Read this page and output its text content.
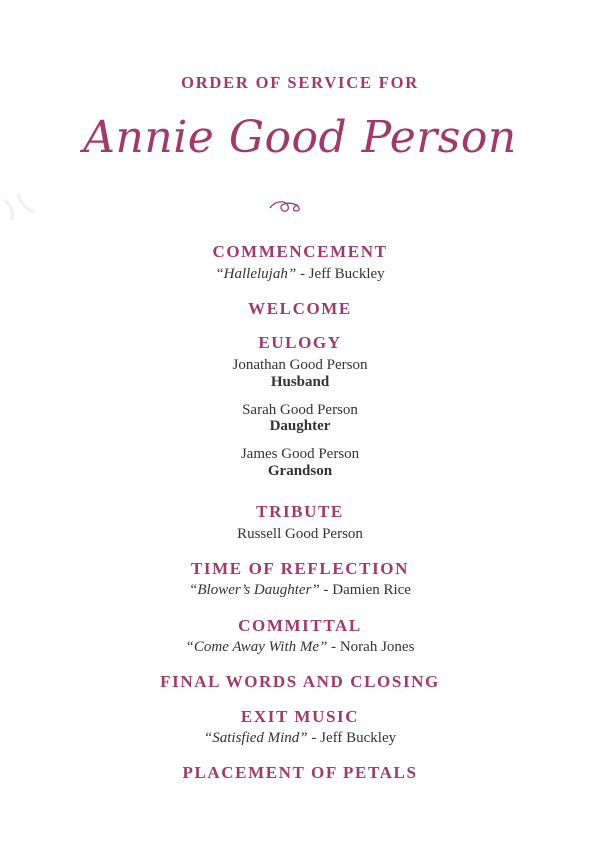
ORDER OF SERVICE FOR
Annie Good Person
COMMENCEMENT
“Hallelujah” - Jeff Buckley
WELCOME
EULOGY
Jonathan Good Person
Husband
Sarah Good Person
Daughter
James Good Person
Grandson
TRIBUTE
Russell Good Person
TIME OF REFLECTION
“Blower’s Daughter” - Damien Rice
COMMITTAL
“Come Away With Me” - Norah Jones
FINAL WORDS AND CLOSING
EXIT MUSIC
“Satisfied Mind” - Jeff Buckley
PLACEMENT OF PETALS
